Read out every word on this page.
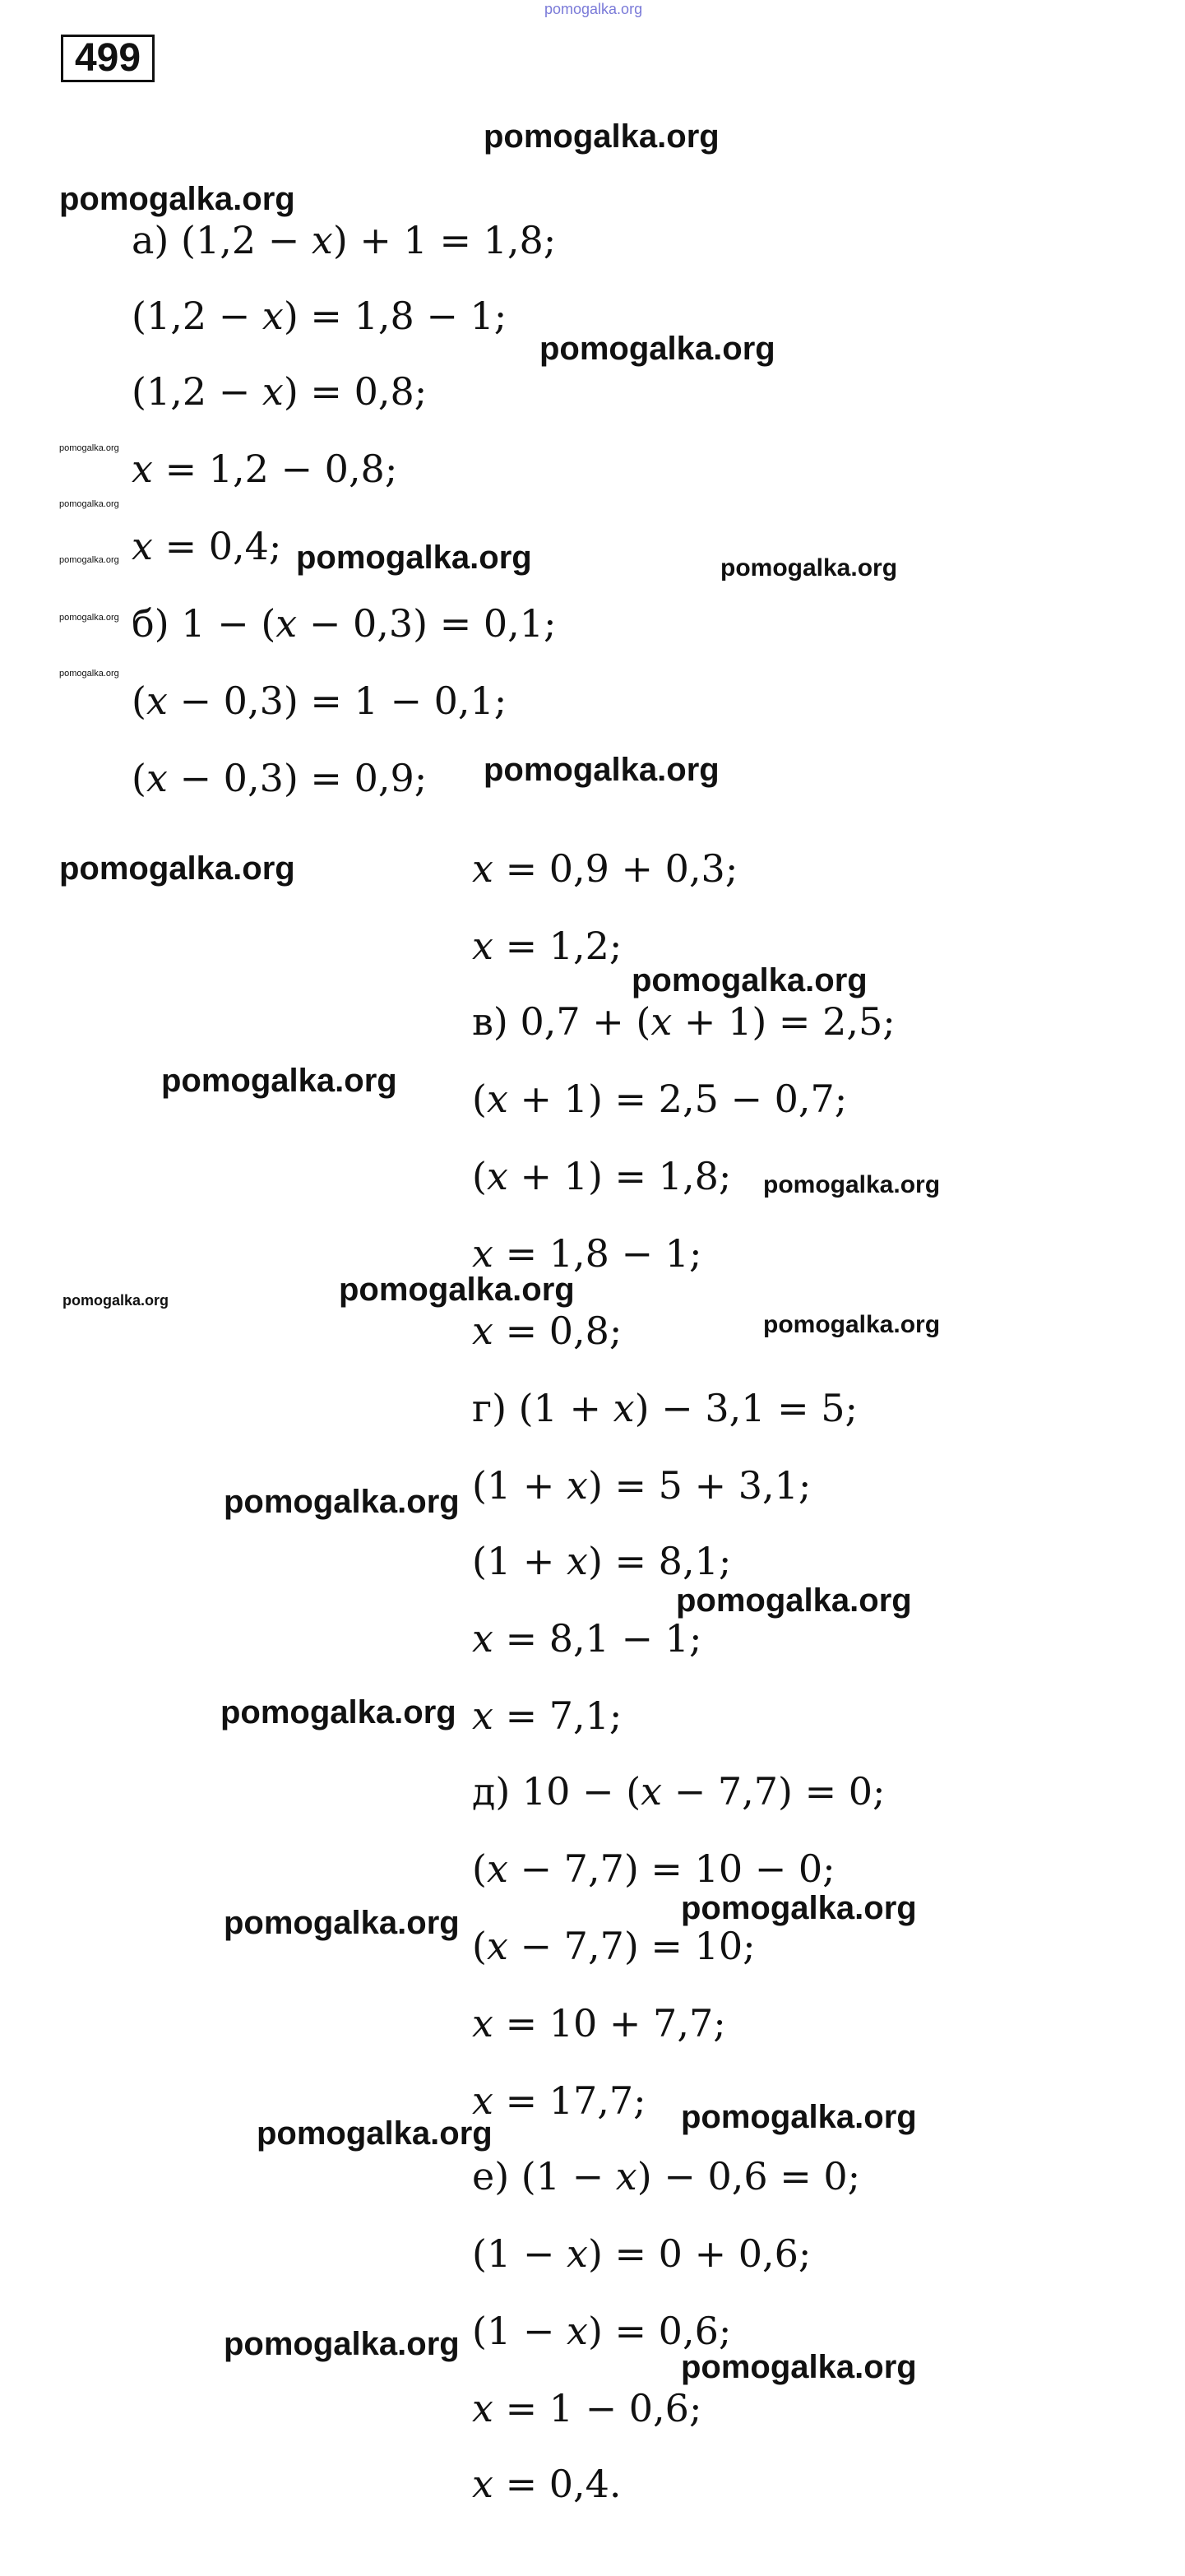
499
а) (1,2 − 𝑥) + 1 = 1,8;
(1,2 − 𝑥) = 1,8 − 1;
(1,2 − 𝑥) = 0,8;
𝑥 = 1,2 − 0,8;
𝑥 = 0,4;
б) 1 − (𝑥 − 0,3) = 0,1;
(𝑥 − 0,3) = 1 − 0,1;
(𝑥 − 0,3) = 0,9;
𝑥 = 0,9 + 0,3;
𝑥 = 1,2;
в) 0,7 + (𝑥 + 1) = 2,5;
(𝑥 + 1) = 2,5 − 0,7;
(𝑥 + 1) = 1,8;
𝑥 = 1,8 − 1;
𝑥 = 0,8;
г) (1 + 𝑥) − 3,1 = 5;
(1 + 𝑥) = 5 + 3,1;
(1 + 𝑥) = 8,1;
𝑥 = 8,1 − 1;
𝑥 = 7,1;
д) 10 − (𝑥 − 7,7) = 0;
(𝑥 − 7,7) = 10 − 0;
(𝑥 − 7,7) = 10;
𝑥 = 10 + 7,7;
𝑥 = 17,7;
е) (1 − 𝑥) − 0,6 = 0;
(1 − 𝑥) = 0 + 0,6;
(1 − 𝑥) = 0,6;
𝑥 = 1 − 0,6;
𝑥 = 0,4.
pomogalka.org
pomogalka.org
pomogalka.org
pomogalka.org
pomogalka.org
pomogalka.org
pomogalka.org	pomogalka.org	pomogalka.org
pomogalka.org
pomogalka.org
pomogalka.org
pomogalka.org
pomogalka.org
pomogalka.org
pomogalka.org
pomogalka.org
pomogalka.org
pomogalka.org
pomogalka.org
pomogalka.org
pomogalka.org
pomogalka.org
pomogalka.org
pomogalka.org
pomogalka.org
pomogalka.org
pomogalka.org
